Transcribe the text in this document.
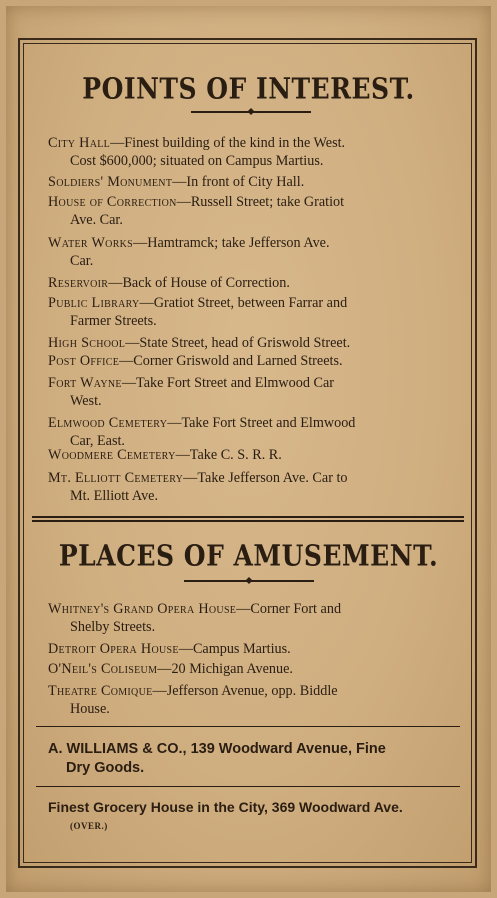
POINTS OF INTEREST.
City Hall—Finest building of the kind in the West.
Cost $600,000; situated on Campus Martius.
Soldiers' Monument—In front of City Hall.
House of Correction—Russell Street; take Gratiot
Ave. Car.
Water Works—Hamtramck; take Jefferson Ave.
Car.
Reservoir—Back of House of Correction.
Public Library—Gratiot Street, between Farrar and
Farmer Streets.
High School—State Street, head of Griswold Street.
Post Office—Corner Griswold and Larned Streets.
Fort Wayne—Take Fort Street and Elmwood Car
West.
Elmwood Cemetery—Take Fort Street and Elmwood
Car, East.
Woodmere Cemetery—Take C. S. R. R.
Mt. Elliott Cemetery—Take Jefferson Ave. Car to
Mt. Elliott Ave.
PLACES OF AMUSEMENT.
Whitney's Grand Opera House—Corner Fort and
Shelby Streets.
Detroit Opera House—Campus Martius.
O'Neil's Coliseum—20 Michigan Avenue.
Theatre Comique—Jefferson Avenue, opp. Biddle
House.
A. WILLIAMS & CO., 139 Woodward Avenue, Fine
Dry Goods.
Finest Grocery House in the City, 369 Woodward Ave.
(OVER.)
